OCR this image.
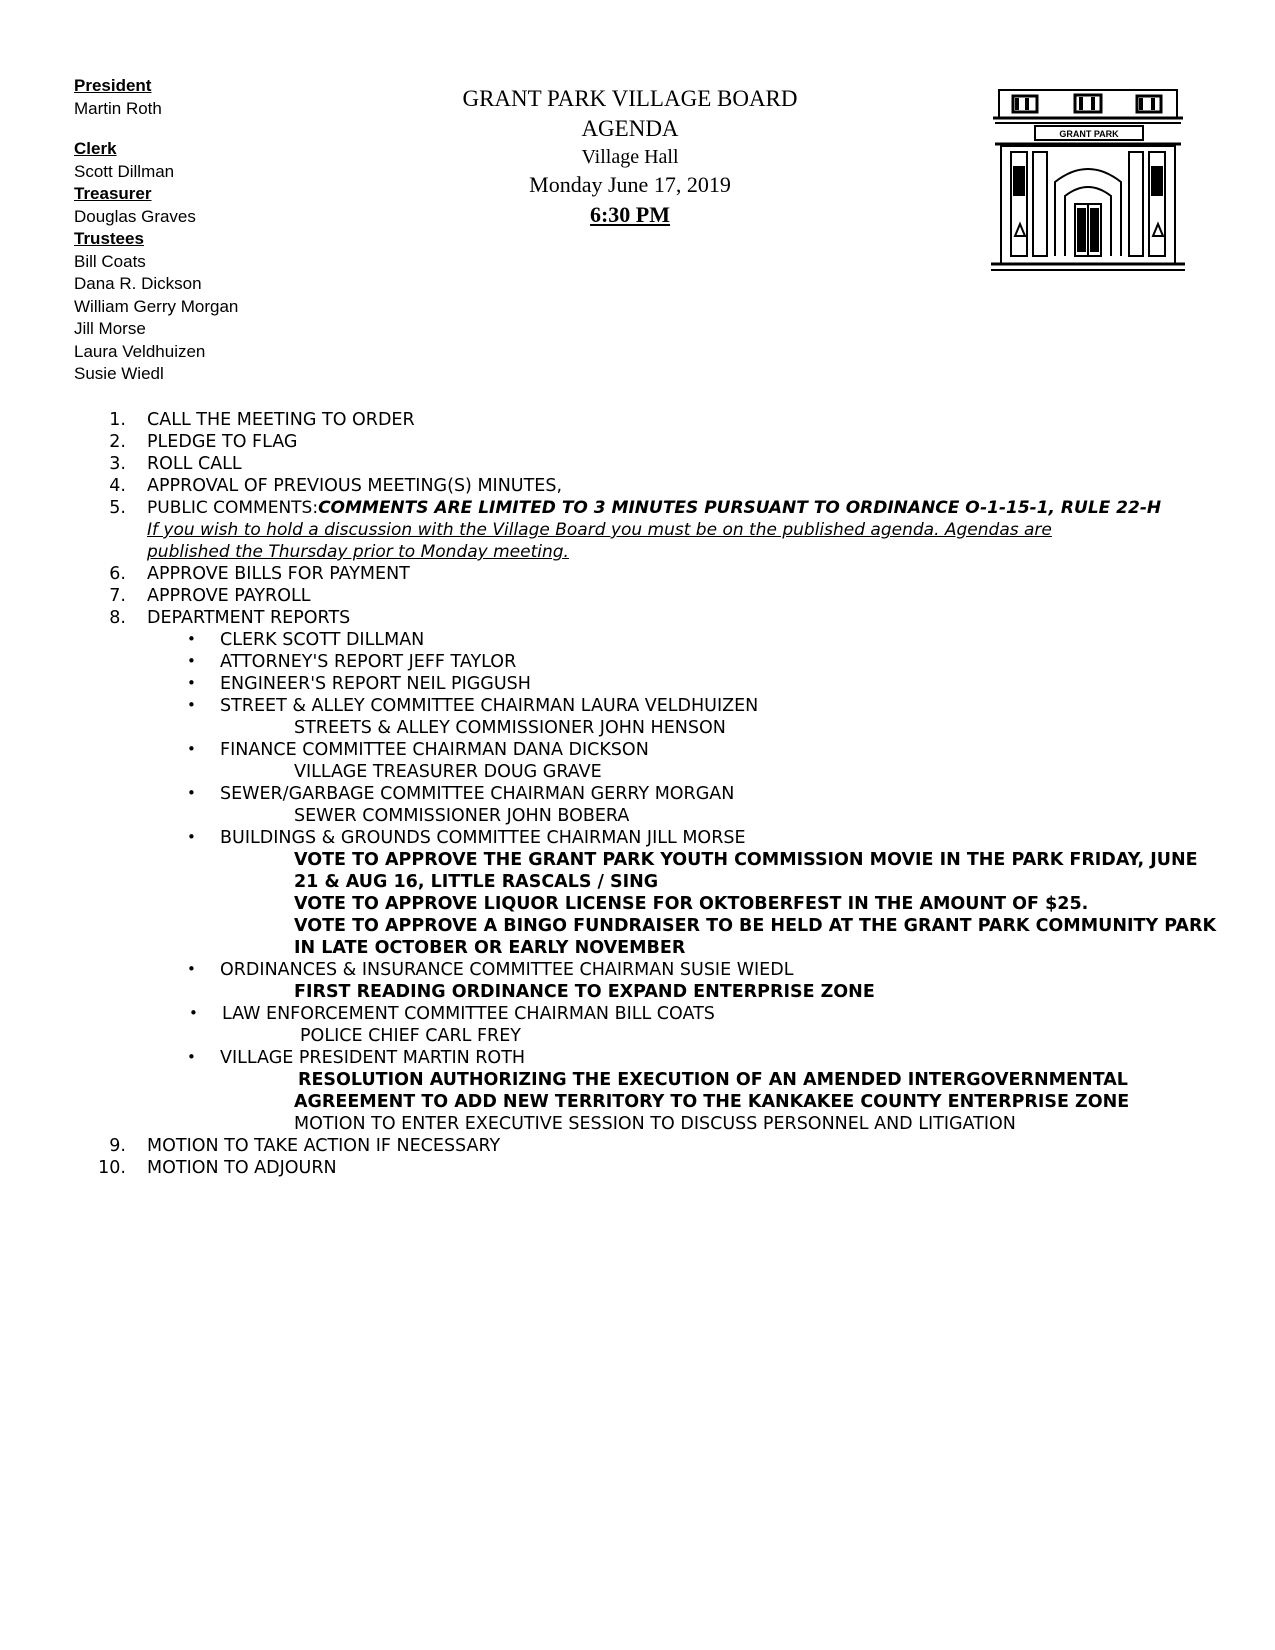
President
Martin Roth
Clerk
Scott Dillman
Treasurer
Douglas Graves
Trustees
Bill Coats
Dana R. Dickson
William Gerry Morgan
Jill Morse
Laura Veldhuizen
Susie Wiedl
GRANT PARK VILLAGE BOARD
AGENDA
Village Hall
Monday June 17, 2019
6:30 PM
GRANT PARK
1. CALL THE MEETING TO ORDER
2. PLEDGE TO FLAG
3. ROLL CALL
4. APPROVAL OF PREVIOUS MEETING(S) MINUTES,
5. PUBLIC COMMENTS:COMMENTS ARE LIMITED TO 3 MINUTES PURSUANT TO ORDINANCE O-1-15-1, RULE 22-H
If you wish to hold a discussion with the Village Board you must be on the published agenda. Agendas are
published the Thursday prior to Monday meeting.
6. APPROVE BILLS FOR PAYMENT
7. APPROVE PAYROLL
8. DEPARTMENT REPORTS
• CLERK SCOTT DILLMAN
• ATTORNEY'S REPORT JEFF TAYLOR
• ENGINEER'S REPORT NEIL PIGGUSH
• STREET & ALLEY COMMITTEE CHAIRMAN LAURA VELDHUIZEN
STREETS & ALLEY COMMISSIONER JOHN HENSON
• FINANCE COMMITTEE CHAIRMAN DANA DICKSON
VILLAGE TREASURER DOUG GRAVE
• SEWER/GARBAGE COMMITTEE CHAIRMAN GERRY MORGAN
SEWER COMMISSIONER JOHN BOBERA
• BUILDINGS & GROUNDS COMMITTEE CHAIRMAN JILL MORSE
VOTE TO APPROVE THE GRANT PARK YOUTH COMMISSION MOVIE IN THE PARK FRIDAY, JUNE
21 & AUG 16, LITTLE RASCALS / SING
VOTE TO APPROVE LIQUOR LICENSE FOR OKTOBERFEST IN THE AMOUNT OF $25.
VOTE TO APPROVE A BINGO FUNDRAISER TO BE HELD AT THE GRANT PARK COMMUNITY PARK
IN LATE OCTOBER OR EARLY NOVEMBER
• ORDINANCES & INSURANCE COMMITTEE CHAIRMAN SUSIE WIEDL
FIRST READING ORDINANCE TO EXPAND ENTERPRISE ZONE
• LAW ENFORCEMENT COMMITTEE CHAIRMAN BILL COATS
POLICE CHIEF CARL FREY
• VILLAGE PRESIDENT MARTIN ROTH
RESOLUTION AUTHORIZING THE EXECUTION OF AN AMENDED INTERGOVERNMENTAL
AGREEMENT TO ADD NEW TERRITORY TO THE KANKAKEE COUNTY ENTERPRISE ZONE
MOTION TO ENTER EXECUTIVE SESSION TO DISCUSS PERSONNEL AND LITIGATION
9. MOTION TO TAKE ACTION IF NECESSARY
10. MOTION TO ADJOURN
